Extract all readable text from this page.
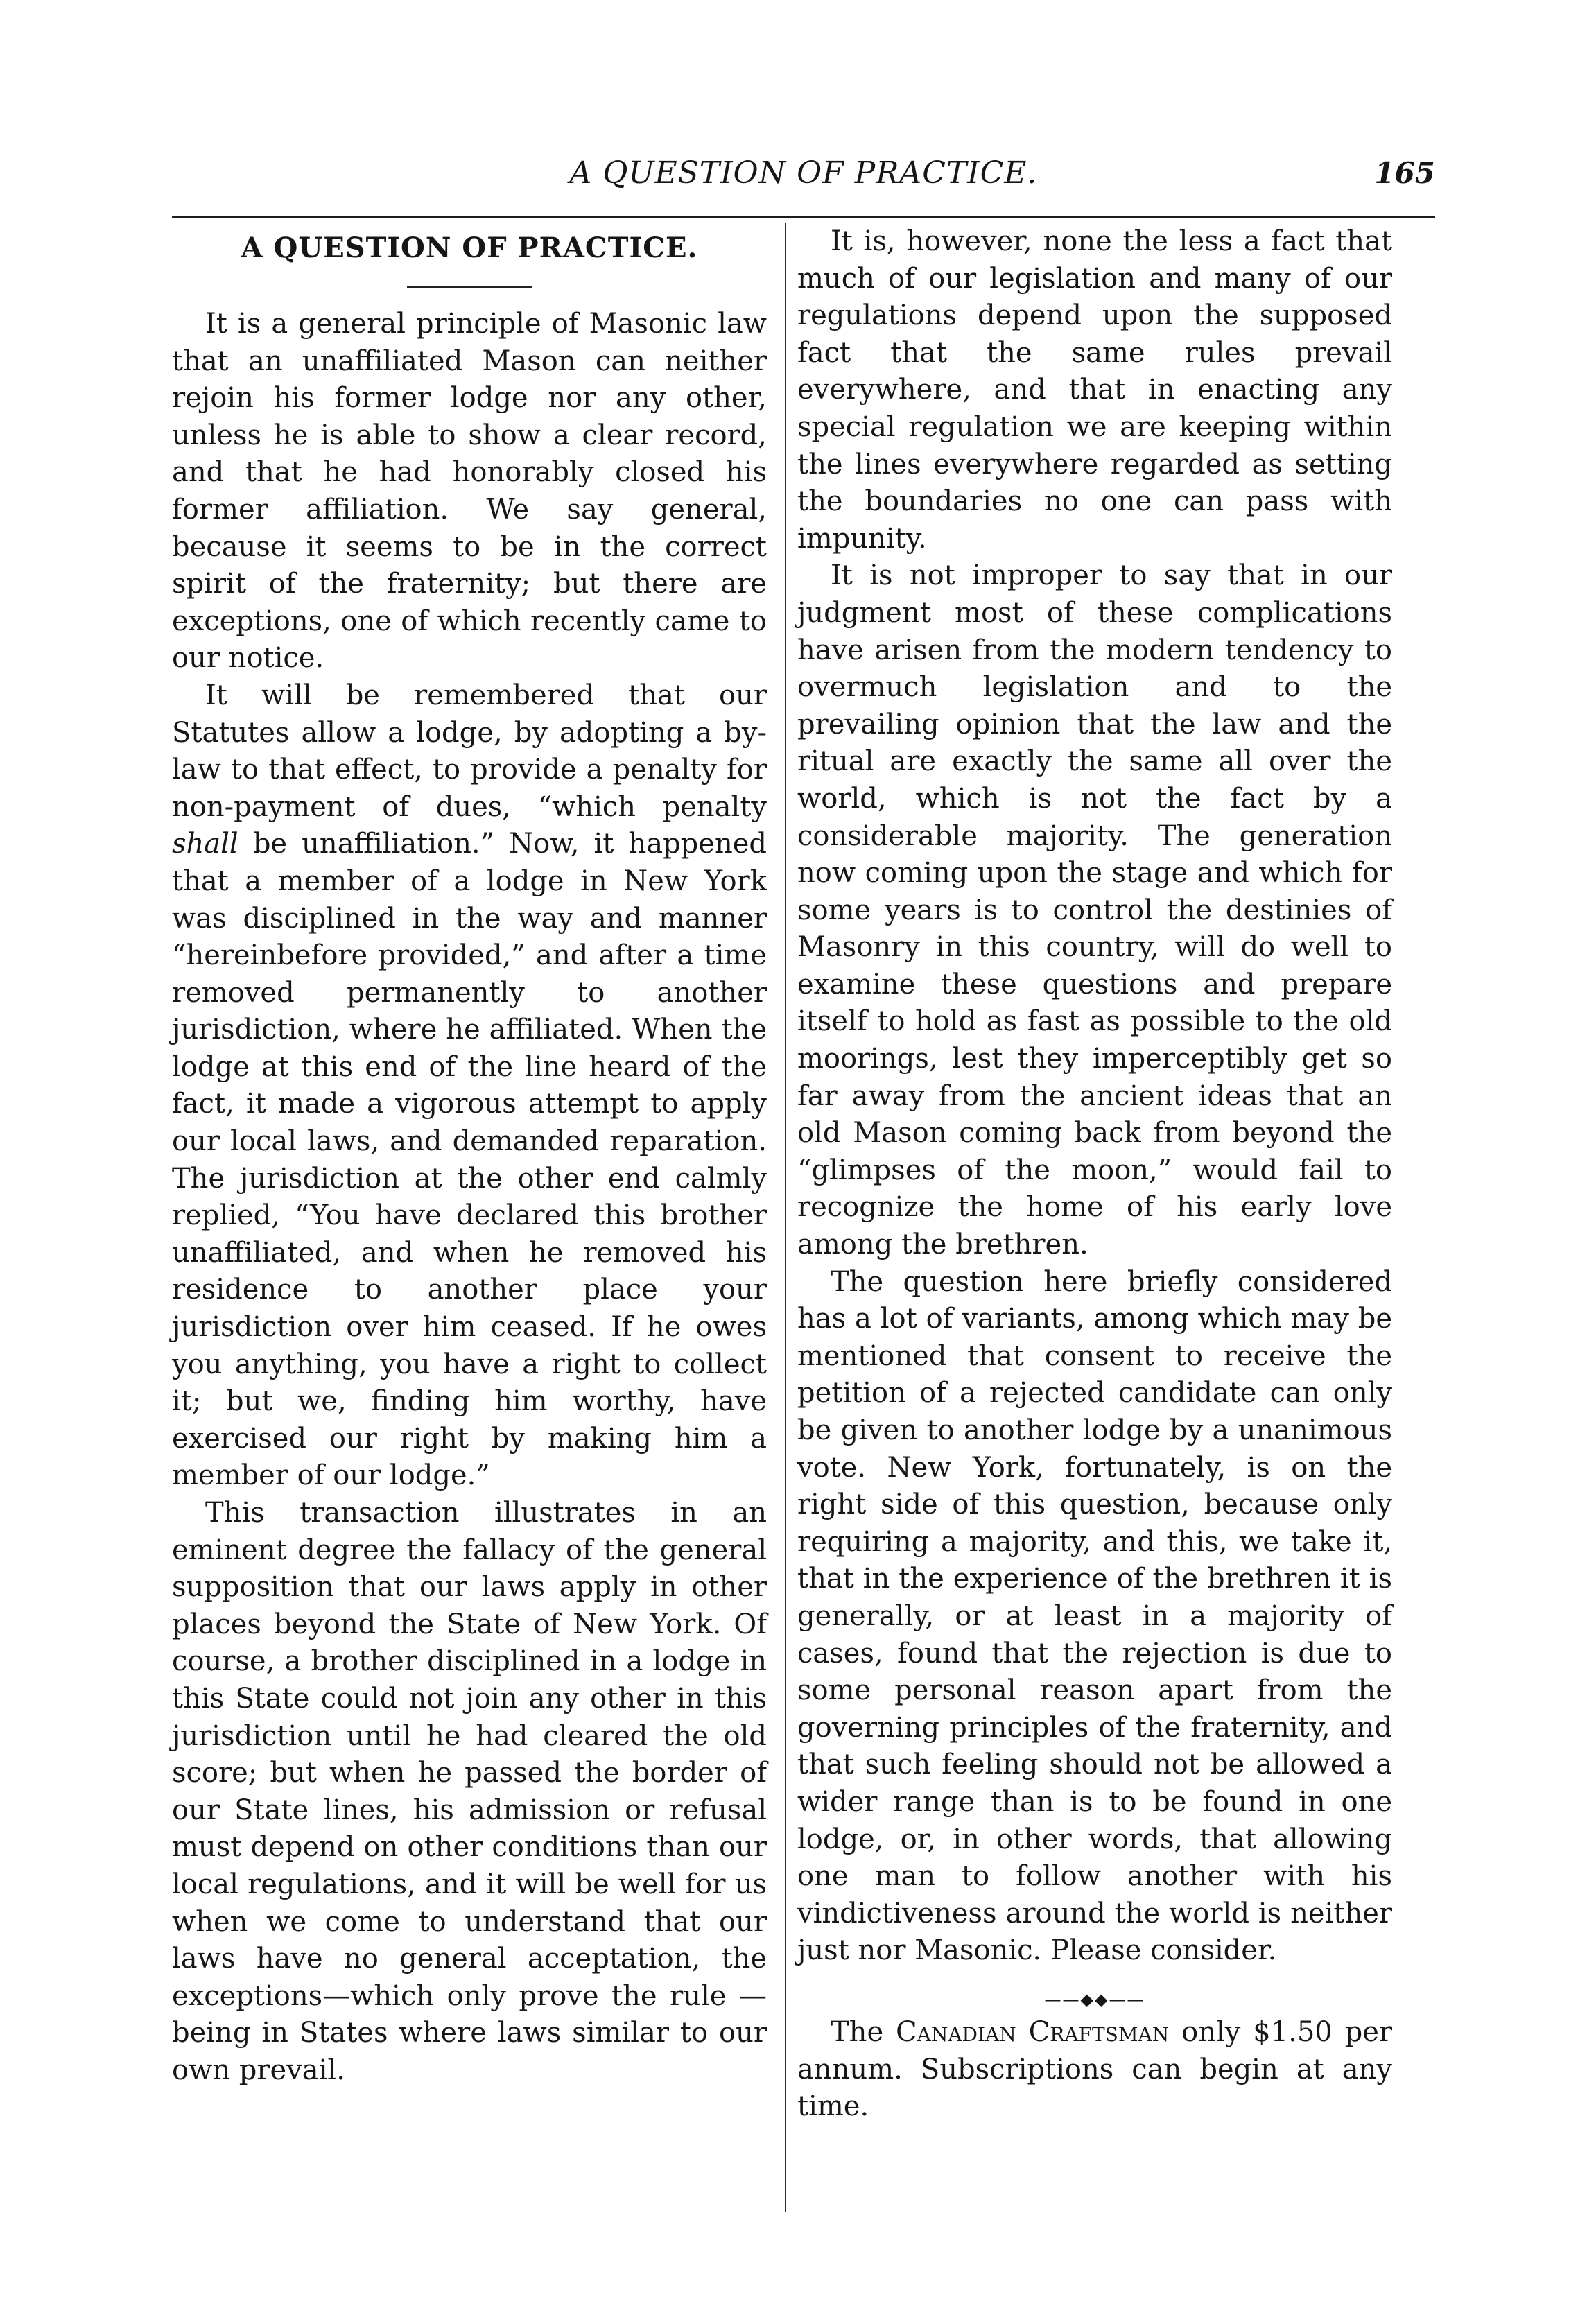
A QUESTION OF PRACTICE.	165
A QUESTION OF PRACTICE.

It is a general principle of Masonic law that an unaffiliated Mason can neither rejoin his former lodge nor any other, unless he is able to show a clear record, and that he had honorably closed his former affiliation. We say general, because it seems to be in the correct spirit of the fraternity; but there are exceptions, one of which recently came to our notice.

It will be remembered that our Statutes allow a lodge, by adopting a by-law to that effect, to provide a penalty for non-payment of dues, “which penalty shall be unaffiliation.” Now, it happened that a member of a lodge in New York was disciplined in the way and manner “hereinbefore provided,” and after a time removed permanently to another jurisdiction, where he affiliated. When the lodge at this end of the line heard of the fact, it made a vigorous attempt to apply our local laws, and demanded reparation. The jurisdiction at the other end calmly replied, “You have declared this brother unaffiliated, and when he removed his residence to another place your jurisdiction over him ceased. If he owes you anything, you have a right to collect it; but we, finding him worthy, have exercised our right by making him a member of our lodge.”

This transaction illustrates in an eminent degree the fallacy of the general supposition that our laws apply in other places beyond the State of New York. Of course, a brother disciplined in a lodge in this State could not join any other in this jurisdiction until he had cleared the old score; but when he passed the border of our State lines, his admission or refusal must depend on other conditions than our local regulations, and it will be well for us when we come to understand that our laws have no general acceptation, the exceptions—which only prove the rule —being in States where laws similar to our own prevail.

It is, however, none the less a fact that much of our legislation and many of our regulations depend upon the supposed fact that the same rules prevail everywhere, and that in enacting any special regulation we are keeping within the lines everywhere regarded as setting the boundaries no one can pass with impunity.

It is not improper to say that in our judgment most of these complications have arisen from the modern tendency to overmuch legislation and to the prevailing opinion that the law and the ritual are exactly the same all over the world, which is not the fact by a considerable majority. The generation now coming upon the stage and which for some years is to control the destinies of Masonry in this country, will do well to examine these questions and prepare itself to hold as fast as possible to the old moorings, lest they imperceptibly get so far away from the ancient ideas that an old Mason coming back from beyond the “glimpses of the moon,” would fail to recognize the home of his early love among the brethren.

The question here briefly considered has a lot of variants, among which may be mentioned that consent to receive the petition of a rejected candidate can only be given to another lodge by a unanimous vote. New York, fortunately, is on the right side of this question, because only requiring a majority, and this, we take it, that in the experience of the brethren it is generally, or at least in a majority of cases, found that the rejection is due to some personal reason apart from the governing principles of the fraternity, and that such feeling should not be allowed a wider range than is to be found in one lodge, or, in other words, that allowing one man to follow another with his vindictiveness around the world is neither just nor Masonic. Please consider.

——◆◆——

The Canadian Craftsman only $1.50 per annum. Subscriptions can begin at any time.
